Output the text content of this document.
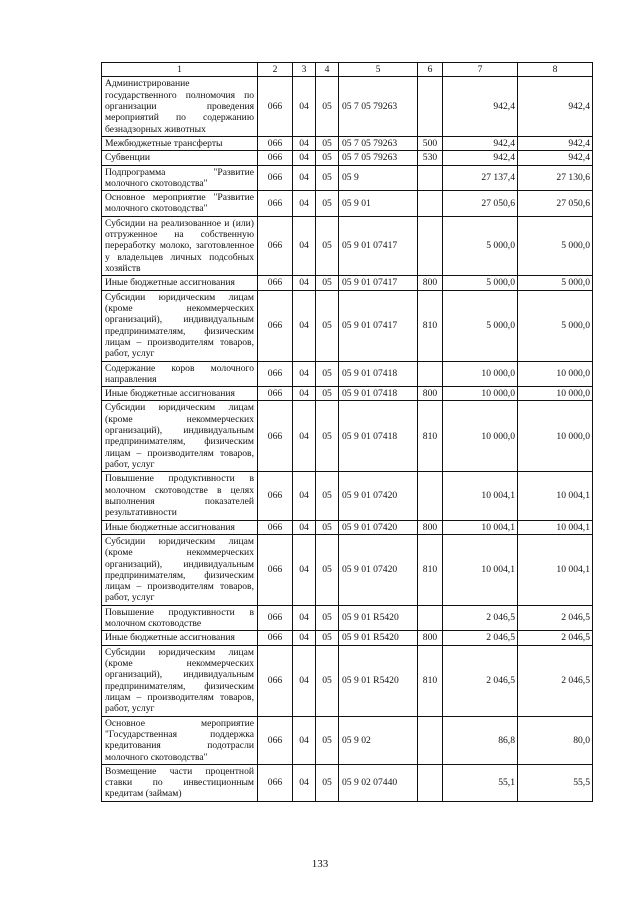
1	2	3	4	5	6	7	8
Администрирование государственного полномочия по организации проведения мероприятий по содержанию безнадзорных животных	066	04	05	05 7 05 79263		942,4	942,4
Межбюджетные трансферты	066	04	05	05 7 05 79263	500	942,4	942,4
Субвенции	066	04	05	05 7 05 79263	530	942,4	942,4
Подпрограмма "Развитие молочного скотоводства"	066	04	05	05 9		27 137,4	27 130,6
Основное мероприятие "Развитие молочного скотоводства"	066	04	05	05 9 01		27 050,6	27 050,6
Субсидии на реализованное и (или) отгруженное на собственную переработку молоко, заготовленное у владельцев личных подсобных хозяйств	066	04	05	05 9 01 07417		5 000,0	5 000,0
Иные бюджетные ассигнования	066	04	05	05 9 01 07417	800	5 000,0	5 000,0
Субсидии юридическим лицам (кроме некоммерческих организаций), индивидуальным предпринимателям, физическим лицам – производителям товаров, работ, услуг	066	04	05	05 9 01 07417	810	5 000,0	5 000,0
Содержание коров молочного направления	066	04	05	05 9 01 07418		10 000,0	10 000,0
Иные бюджетные ассигнования	066	04	05	05 9 01 07418	800	10 000,0	10 000,0
Субсидии юридическим лицам (кроме некоммерческих организаций), индивидуальным предпринимателям, физическим лицам – производителям товаров, работ, услуг	066	04	05	05 9 01 07418	810	10 000,0	10 000,0
Повышение продуктивности в молочном скотоводстве в целях выполнения показателей результативности	066	04	05	05 9 01 07420		10 004,1	10 004,1
Иные бюджетные ассигнования	066	04	05	05 9 01 07420	800	10 004,1	10 004,1
Субсидии юридическим лицам (кроме некоммерческих организаций), индивидуальным предпринимателям, физическим лицам – производителям товаров, работ, услуг	066	04	05	05 9 01 07420	810	10 004,1	10 004,1
Повышение продуктивности в молочном скотоводстве	066	04	05	05 9 01 R5420		2 046,5	2 046,5
Иные бюджетные ассигнования	066	04	05	05 9 01 R5420	800	2 046,5	2 046,5
Субсидии юридическим лицам (кроме некоммерческих организаций), индивидуальным предпринимателям, физическим лицам – производителям товаров, работ, услуг	066	04	05	05 9 01 R5420	810	2 046,5	2 046,5
Основное мероприятие "Государственная поддержка кредитования подотрасли молочного скотоводства"	066	04	05	05 9 02		86,8	80,0
Возмещение части процентной ставки по инвестиционным кредитам (займам)	066	04	05	05 9 02 07440		55,1	55,5
133
